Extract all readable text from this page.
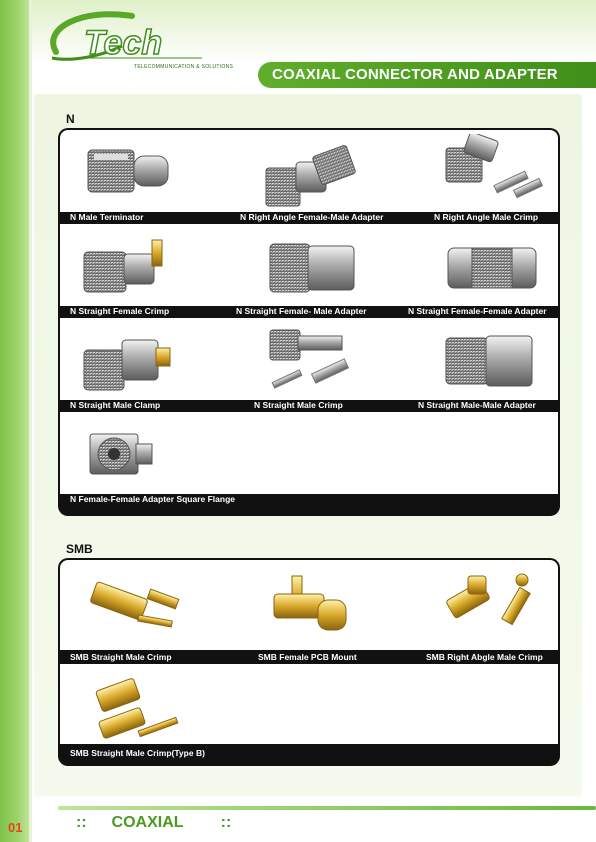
Tech
TELECOMMUNICATION & SOLUTIONS	COAXIAL CONNECTOR AND ADAPTER
N
N Male Terminator	N Right Angle Female-Male Adapter	N Right Angle Male Crimp
N Straight Female Crimp	N Straight Female- Male Adapter	N Straight Female-Female Adapter
N Straight Male Clamp	N Straight Male Crimp	N Straight Male-Male Adapter
N Female-Female Adapter Square Flange
SMB
SMB Straight Male Crimp	SMB Female PCB Mount	SMB Right Abgle Male Crimp
SMB Straight Male Crimp(Type B)
01	:: COAXIAL ::
